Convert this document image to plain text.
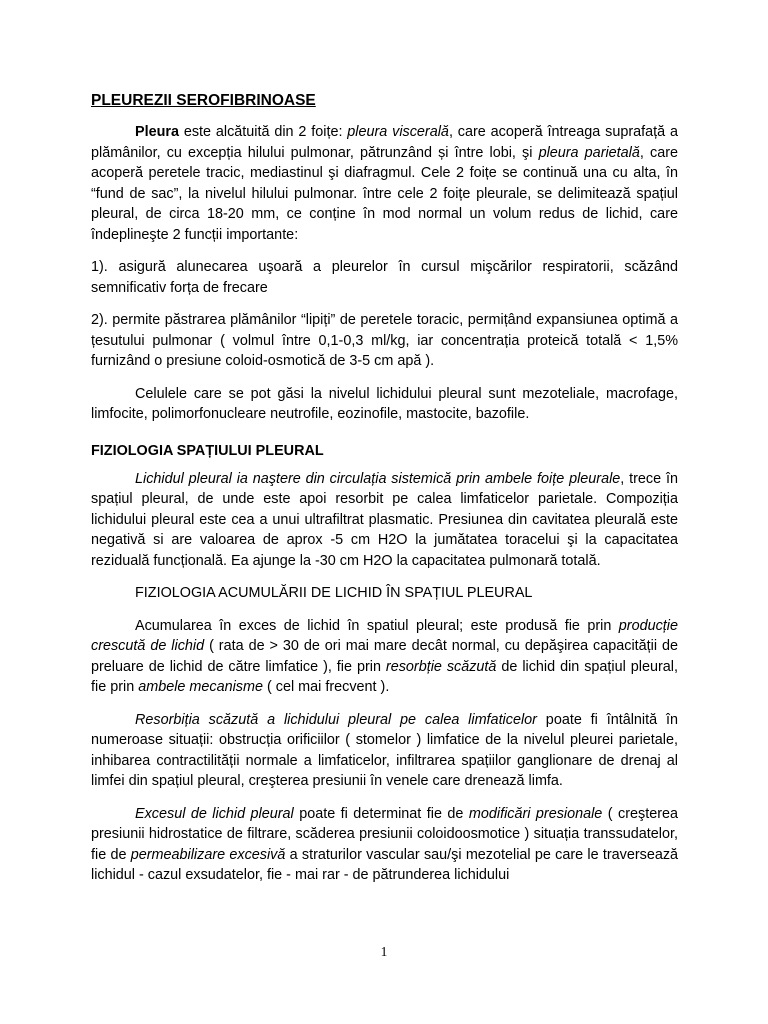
PLEUREZII SEROFIBRINOASE

Pleura este alcătuită din 2 foițe: pleura viscerală, care acoperă întreaga suprafață a plămânilor, cu excepția hilului pulmonar, pătrunzând și între lobi, şi pleura parietală, care acoperă peretele tracic, mediastinul şi diafragmul. Cele 2 foițe se continuă una cu alta, în “fund de sac”, la nivelul hilului pulmonar. între cele 2 foițe pleurale, se delimitează spațiul pleural, de circa 18-20 mm, ce conține în mod normal un volum redus de lichid, care îndeplineşte 2 funcții importante:

1). asigură alunecarea uşoară a pleurelor în cursul mişcărilor respiratorii, scăzând semnificativ forța de frecare

2). permite păstrarea plămânilor “lipiți” de peretele toracic, permițând expansiunea optimă a țesutului pulmonar ( volmul între 0,1-0,3 ml/kg, iar concentrația proteică totală < 1,5% furnizând o presiune coloid-osmotică de 3-5 cm apă ).

Celulele care se pot găsi la nivelul lichidului pleural sunt mezoteliale, macrofage, limfocite, polimorfonucleare neutrofile, eozinofile, mastocite, bazofile.

FIZIOLOGIA SPAȚIULUI PLEURAL

Lichidul pleural ia naştere din circulația sistemică prin ambele foițe pleurale, trece în spațiul pleural, de unde este apoi resorbit pe calea limfaticelor parietale. Compoziția lichidului pleural este cea a unui ultrafiltrat plasmatic. Presiunea din cavitatea pleurală este negativă si are valoarea de aprox -5 cm H2O la jumătatea toracelui şi la capacitatea reziduală funcțională. Ea ajunge la -30 cm H2O la capacitatea pulmonară totală.

FIZIOLOGIA ACUMULĂRII DE LICHID ÎN SPAȚIUL PLEURAL

Acumularea în exces de lichid în spatiul pleural; este produsă fie prin producție crescută de lichid ( rata de > 30 de ori mai mare decât normal, cu depăşirea capacității de preluare de lichid de către limfatice ), fie prin resorbție scăzută de lichid din spațiul pleural, fie prin ambele mecanisme ( cel mai frecvent ).

Resorbiția scăzută a lichidului pleural pe calea limfaticelor poate fi întâlnită în numeroase situații: obstrucția orificiilor ( stomelor ) limfatice de la nivelul pleurei parietale, inhibarea contractilității normale a limfaticelor, infiltrarea spațiilor ganglionare de drenaj al limfei din spațiul pleural, creşterea presiunii în venele care drenează limfa.

Excesul de lichid pleural poate fi determinat fie de modificări presionale ( creşterea presiunii hidrostatice de filtrare, scăderea presiunii coloidoosmotice ) situația transsudatelor, fie de permeabilizare excesivă a straturilor vascular sau/şi mezotelial pe care le traversează lichidul - cazul exsudatelor, fie - mai rar - de pătrunderea lichidului

1
